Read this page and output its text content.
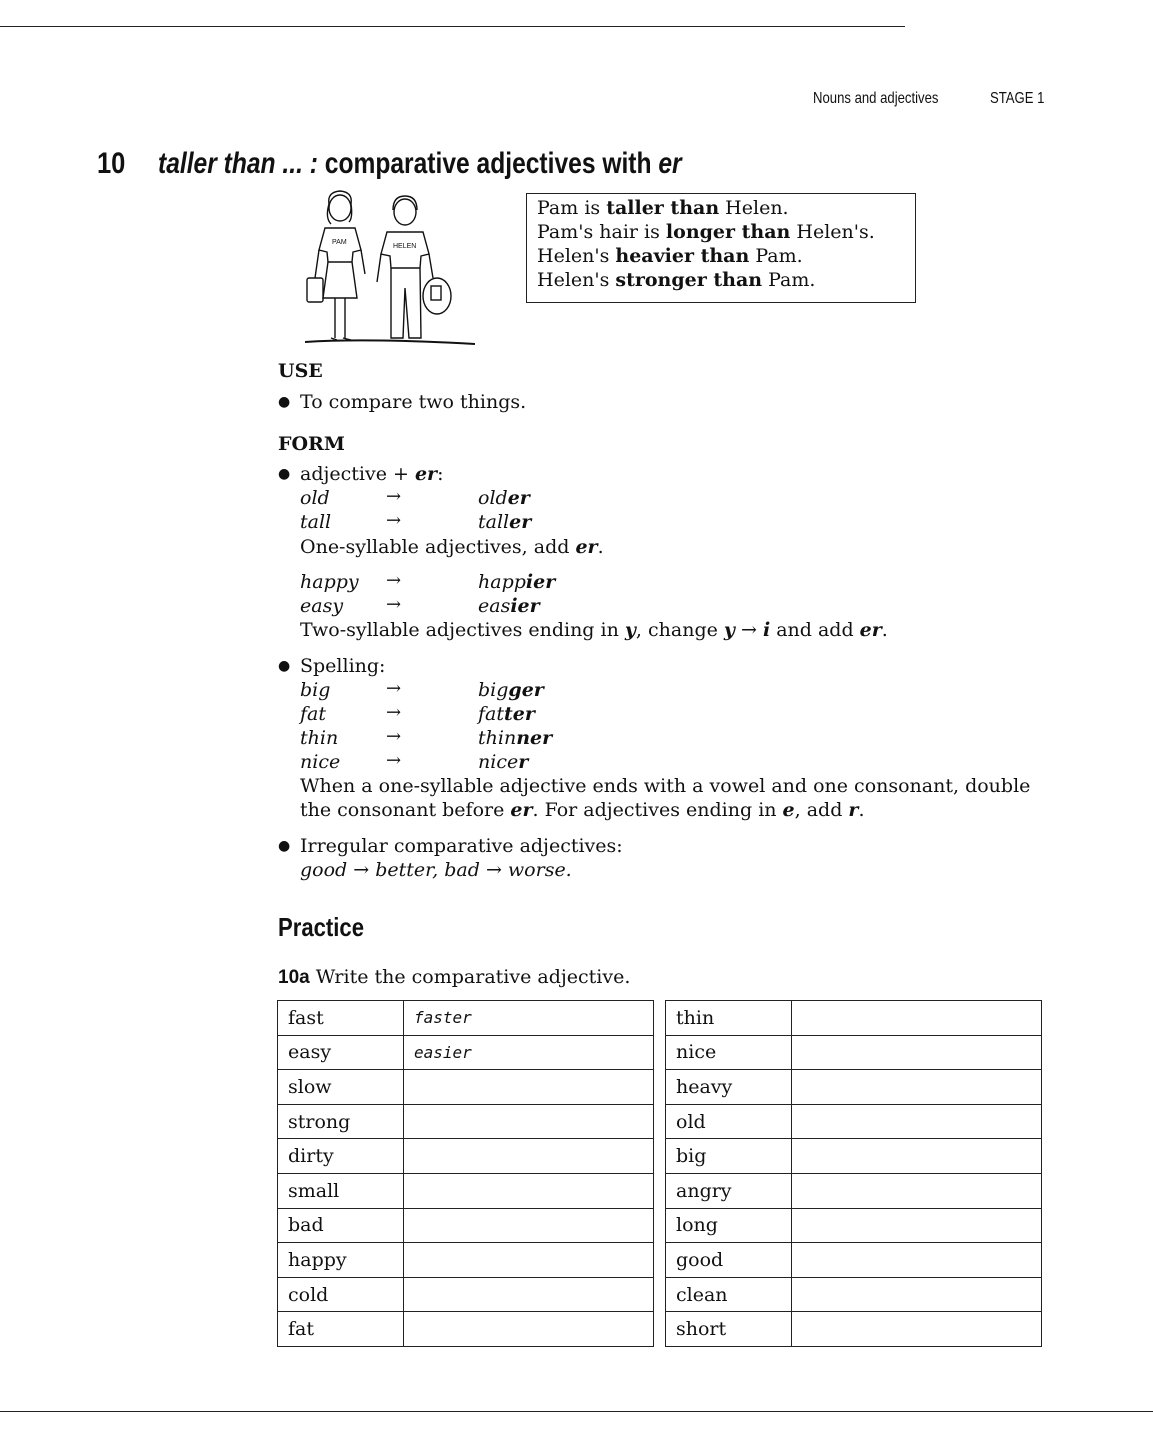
Nouns and adjectives	STAGE 1
10 taller than ... : comparative adjectives with er
PAM
HELEN
Pam is taller than Helen.
Pam's hair is longer than Helen's.
Helen's heavier than Pam.
Helen's stronger than Pam.
USE
● To compare two things.
FORM
● adjective + er:
old	→	older
tall	→	taller
One-syllable adjectives, add er.
happy →	happier
easy →	easier
Two-syllable adjectives ending in y, change y → i and add er.
● Spelling:
big	→	bigger
fat	→	fatter
thin	→	thinner
nice	→	nicer
When a one-syllable adjective ends with a vowel and one consonant, double
the consonant before er. For adjectives ending in e, add r.
● Irregular comparative adjectives:
good → better, bad → worse.
Practice
10a Write the comparative adjective.
fast	faster
easy	easier
slow	
strong	
dirty	
small	
bad	
happy	
cold	
fat	
thin	
nice	
heavy	
old	
big	
angry	
long	
good	
clean	
short	
